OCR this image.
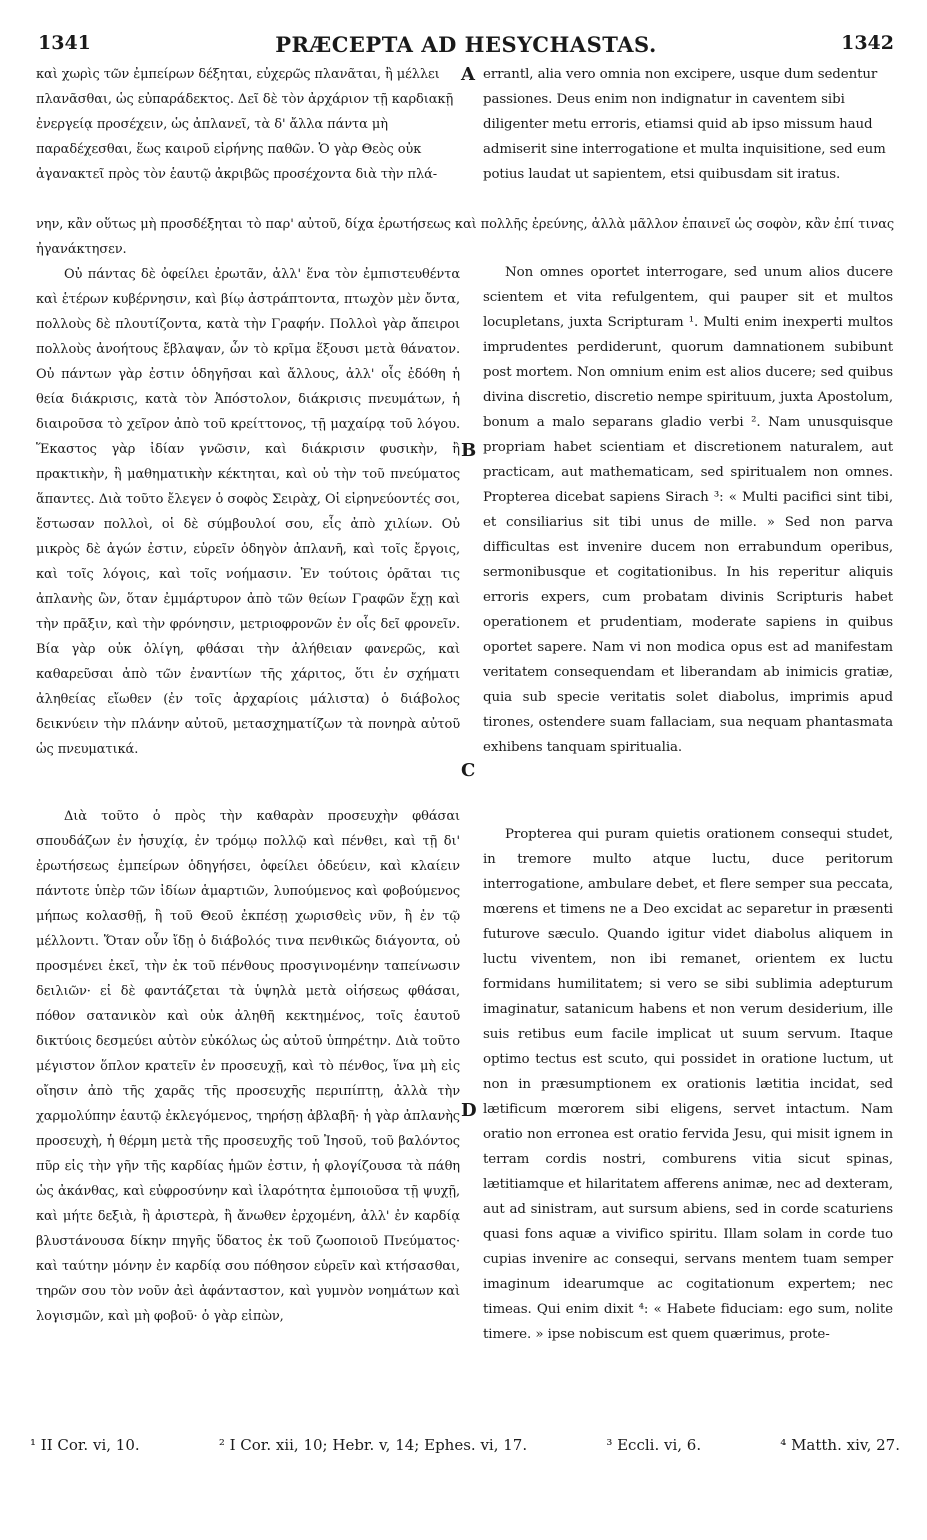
1341	PRÆCEPTA AD HESYCHASTAS.	1342

καὶ χωρὶς τῶν ἐμπείρων δέξηται, εὐχερῶς πλανᾶται, ἢ μέλλει πλανᾶσθαι, ὡς εὐπαράδεκτος. Δεῖ δὲ τὸν ἀρχάριον τῇ καρδιακῇ ἐνεργείᾳ προσέχειν, ὡς ἀπλανεῖ, τὰ δ' ἄλλα πάντα μὴ παραδέχεσθαι, ἕως καιροῦ εἰρήνης παθῶν. Ὁ γὰρ Θεὸς οὐκ ἀγανακτεῖ πρὸς τὸν ἑαυτῷ ἀκριβῶς προσέχοντα διὰ τὴν πλά-

errantl, alia vero omnia non excipere, usque dum sedentur passiones. Deus enim non indignatur in caventem sibi diligenter metu erroris, etiamsi quid ab ipso missum haud admiserit sine interrogatione et multa inquisitione, sed eum potius laudat ut sapientem, etsi quibusdam sit iratus.

νην, κἂν οὕτως μὴ προσδέξηται τὸ παρ' αὐτοῦ, δίχα ἐρωτήσεως καὶ πολλῆς ἐρεύνης, ἀλλὰ μᾶλλον ἐπαινεῖ ὡς σοφὸν, κἂν ἐπί τινας ἠγανάκτησεν.

Οὐ πάντας δὲ ὀφείλει ἐρωτᾶν, ἀλλ' ἕνα τὸν ἐμπιστευθέντα καὶ ἑτέρων κυβέρνησιν, καὶ βίῳ ἀστράπτοντα, πτωχὸν μὲν ὄντα, πολλοὺς δὲ πλουτίζοντα, κατὰ τὴν Γραφήν. Πολλοὶ γὰρ ἄπειροι πολλοὺς ἀνοήτους ἔβλαψαν, ὧν τὸ κρῖμα ἕξουσι μετὰ θάνατον. Οὐ πάντων γὰρ ἐστιν ὁδηγῆσαι καὶ ἄλλους, ἀλλ' οἷς ἐδόθη ἡ θεία διάκρισις, κατὰ τὸν Ἀπόστολον, διάκρισις πνευμάτων, ἡ διαιροῦσα τὸ χεῖρον ἀπὸ τοῦ κρείττονος, τῇ μαχαίρᾳ τοῦ λόγου. Ἕκαστος γὰρ ἰδίαν γνῶσιν, καὶ διάκρισιν φυσικὴν, ἢ πρακτικὴν, ἢ μαθηματικὴν κέκτηται, καὶ οὐ τὴν τοῦ πνεύματος ἅπαντες. Διὰ τοῦτο ἔλεγεν ὁ σοφὸς Σειρὰχ, Οἱ εἰρηνεύοντές σοι, ἔστωσαν πολλοὶ, οἱ δὲ σύμβουλοί σου, εἷς ἀπὸ χιλίων. Οὐ μικρὸς δὲ ἀγών ἐστιν, εὑρεῖν ὁδηγὸν ἀπλανῆ, καὶ τοῖς ἔργοις, καὶ τοῖς λόγοις, καὶ τοῖς νοήμασιν. Ἐν τούτοις ὁρᾶται τις ἀπλανὴς ὢν, ὅταν ἐμμάρτυρον ἀπὸ τῶν θείων Γραφῶν ἔχῃ καὶ τὴν πρᾶξιν, καὶ τὴν φρόνησιν, μετριοφρονῶν ἐν οἷς δεῖ φρονεῖν. Βία γὰρ οὐκ ὀλίγη, φθάσαι τὴν ἀλήθειαν φανερῶς, καὶ καθαρεῦσαι ἀπὸ τῶν ἐναντίων τῆς χάριτος, ὅτι ἐν σχήματι ἀληθείας εἴωθεν (ἐν τοῖς ἀρχαρίοις μάλιστα) ὁ διάβολος δεικνύειν τὴν πλάνην αὐτοῦ, μετασχηματίζων τὰ πονηρὰ αὐτοῦ ὡς πνευματικά.

Non omnes oportet interrogare, sed unum alios ducere scientem et vita refulgentem, qui pauper sit et multos locupletans, juxta Scripturam ¹. Multi enim inexperti multos imprudentes perdiderunt, quorum damnationem subibunt post mortem. Non omnium enim est alios ducere; sed quibus divina discretio, discretio nempe spirituum, juxta Apostolum, bonum a malo separans gladio verbi ². Nam unusquisque propriam habet scientiam et discretionem naturalem, aut practicam, aut mathematicam, sed spiritualem non omnes. Propterea dicebat sapiens Sirach ³: « Multi pacifici sint tibi, et consiliarius sit tibi unus de mille. » Sed non parva difficultas est invenire ducem non errabundum operibus, sermonibusque et cogitationibus. In his reperitur aliquis erroris expers, cum probatam divinis Scripturis habet operationem et prudentiam, moderate sapiens in quibus oportet sapere. Nam vi non modica opus est ad manifestam veritatem consequendam et liberandam ab inimicis gratiæ, quia sub specie veritatis solet diabolus, imprimis apud tirones, ostendere suam fallaciam, sua nequam phantasmata exhibens tanquam spiritualia.

Διὰ τοῦτο ὁ πρὸς τὴν καθαρὰν προσευχὴν φθάσαι σπουδάζων ἐν ἡσυχίᾳ, ἐν τρόμῳ πολλῷ καὶ πένθει, καὶ τῇ δι' ἐρωτήσεως ἐμπείρων ὁδηγήσει, ὀφείλει ὁδεύειν, καὶ κλαίειν πάντοτε ὑπὲρ τῶν ἰδίων ἁμαρτιῶν, λυπούμενος καὶ φοβούμενος μήπως κολασθῇ, ἢ τοῦ Θεοῦ ἐκπέσῃ χωρισθεὶς νῦν, ἢ ἐν τῷ μέλλοντι. Ὅταν οὖν ἴδῃ ὁ διάβολός τινα πενθικῶς διάγοντα, οὐ προσμένει ἐκεῖ, τὴν ἐκ τοῦ πένθους προσγινομένην ταπείνωσιν δειλιῶν· εἰ δὲ φαντάζεται τὰ ὑψηλὰ μετὰ οἰήσεως φθάσαι, πόθον σατανικὸν καὶ οὐκ ἀληθῆ κεκτημένος, τοῖς ἑαυτοῦ δικτύοις δεσμεύει αὐτὸν εὐκόλως ὡς αὐτοῦ ὑπηρέτην. Διὰ τοῦτο μέγιστον ὅπλον κρατεῖν ἐν προσευχῇ, καὶ τὸ πένθος, ἵνα μὴ εἰς οἴησιν ἀπὸ τῆς χαρᾶς τῆς προσευχῆς περιπίπτῃ, ἀλλὰ τὴν χαρμολύπην ἑαυτῷ ἐκλεγόμενος, τηρήσῃ ἀβλαβῆ· ἡ γὰρ ἀπλανὴς προσευχὴ, ἡ θέρμη μετὰ τῆς προσευχῆς τοῦ Ἰησοῦ, τοῦ βαλόντος πῦρ εἰς τὴν γῆν τῆς καρδίας ἡμῶν ἐστιν, ἡ φλογίζουσα τὰ πάθη ὡς ἀκάνθας, καὶ εὐφροσύνην καὶ ἱλαρότητα ἐμποιοῦσα τῇ ψυχῇ, καὶ μήτε δεξιὰ, ἢ ἀριστερὰ, ἢ ἄνωθεν ἐρχομένη, ἀλλ' ἐν καρδίᾳ βλυστάνουσα δίκην πηγῆς ὕδατος ἐκ τοῦ ζωοποιοῦ Πνεύματος· καὶ ταύτην μόνην ἐν καρδίᾳ σου πόθησον εὑρεῖν καὶ κτήσασθαι, τηρῶν σου τὸν νοῦν ἀεὶ ἀφάνταστον, καὶ γυμνὸν νοημάτων καὶ λογισμῶν, καὶ μὴ φοβοῦ· ὁ γὰρ εἰπὼν,

Propterea qui puram quietis orationem consequi studet, in tremore multo atque luctu, duce peritorum interrogatione, ambulare debet, et flere semper sua peccata, mœrens et timens ne a Deo excidat ac separetur in præsenti futurove sæculo. Quando igitur videt diabolus aliquem in luctu viventem, non ibi remanet, orientem ex luctu formidans humilitatem; si vero se sibi sublimia adepturum imaginatur, satanicum habens et non verum desiderium, ille suis retibus eum facile implicat ut suum servum. Itaque optimo tectus est scuto, qui possidet in oratione luctum, ut non in præsumptionem ex orationis lætitia incidat, sed lætificum mœrorem sibi eligens, servet intactum. Nam oratio non erronea est oratio fervida Jesu, qui misit ignem in terram cordis nostri, comburens vitia sicut spinas, lætitiamque et hilaritatem afferens animæ, nec ad dexteram, aut ad sinistram, aut sursum abiens, sed in corde scaturiens quasi fons aquæ a vivifico spiritu. Illam solam in corde tuo cupias invenire ac consequi, servans mentem tuam semper imaginum idearumque ac cogitationum expertem; nec timeas. Qui enim dixit ⁴: « Habete fiduciam: ego sum, nolite timere. » ipse nobiscum est quem quærimus, prote-

A
B
C
D
¹ II Cor. vi, 10.	² I Cor. xii, 10; Hebr. v, 14; Ephes. vi, 17.	³ Eccli. vi, 6.	⁴ Matth. xiv, 27.
